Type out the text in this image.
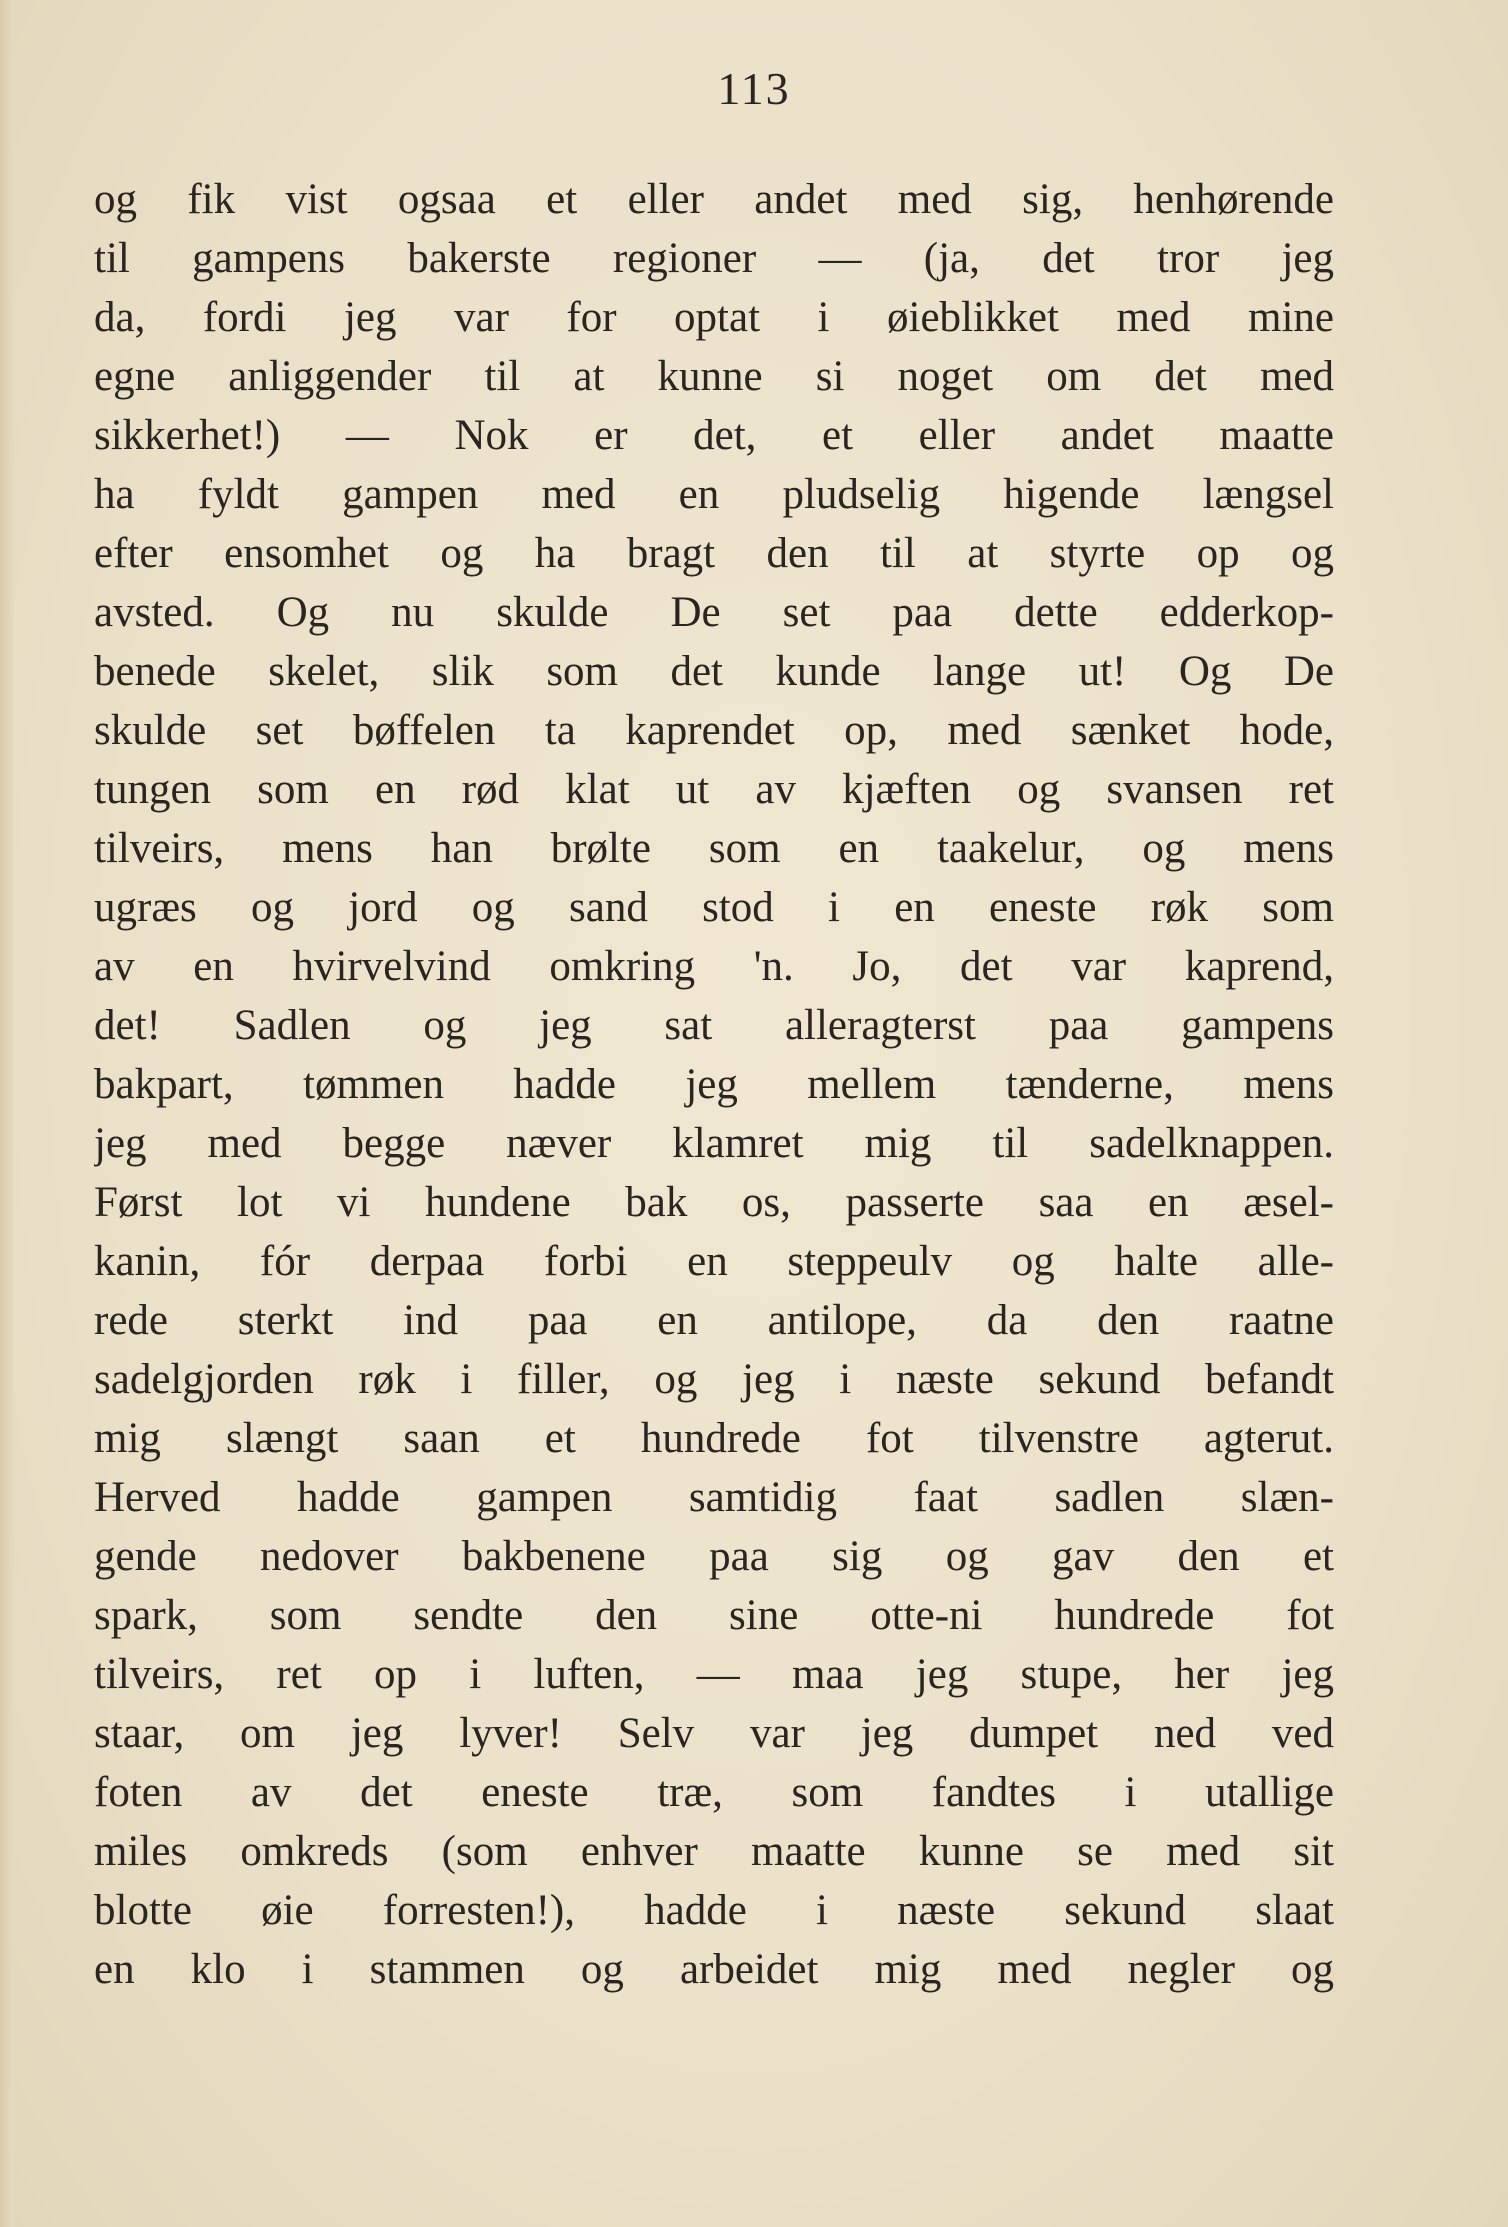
113
og fik vist ogsaa et eller andet med sig, henhørende
til gampens bakerste regioner — (ja, det tror jeg
da, fordi jeg var for optat i øieblikket med mine
egne anliggender til at kunne si noget om det med
sikkerhet!) — Nok er det, et eller andet maatte
ha fyldt gampen med en pludselig higende længsel
efter ensomhet og ha bragt den til at styrte op og
avsted. Og nu skulde De set paa dette edderkop-
benede skelet, slik som det kunde lange ut! Og De
skulde set bøffelen ta kaprendet op, med sænket hode,
tungen som en rød klat ut av kjæften og svansen ret
tilveirs, mens han brølte som en taakelur, og mens
ugræs og jord og sand stod i en eneste røk som
av en hvirvelvind omkring 'n. Jo, det var kaprend,
det! Sadlen og jeg sat alleragterst paa gampens
bakpart, tømmen hadde jeg mellem tænderne, mens
jeg med begge næver klamret mig til sadelknappen.
Først lot vi hundene bak os, passerte saa en æsel-
kanin, fór derpaa forbi en steppeulv og halte alle-
rede sterkt ind paa en antilope, da den raatne
sadelgjorden røk i filler, og jeg i næste sekund befandt
mig slængt saan et hundrede fot tilvenstre agterut.
Herved hadde gampen samtidig faat sadlen slæn-
gende nedover bakbenene paa sig og gav den et
spark, som sendte den sine otte-ni hundrede fot
tilveirs, ret op i luften, — maa jeg stupe, her jeg
staar, om jeg lyver! Selv var jeg dumpet ned ved
foten av det eneste træ, som fandtes i utallige
miles omkreds (som enhver maatte kunne se med sit
blotte øie forresten!), hadde i næste sekund slaat
en klo i stammen og arbeidet mig med negler og
